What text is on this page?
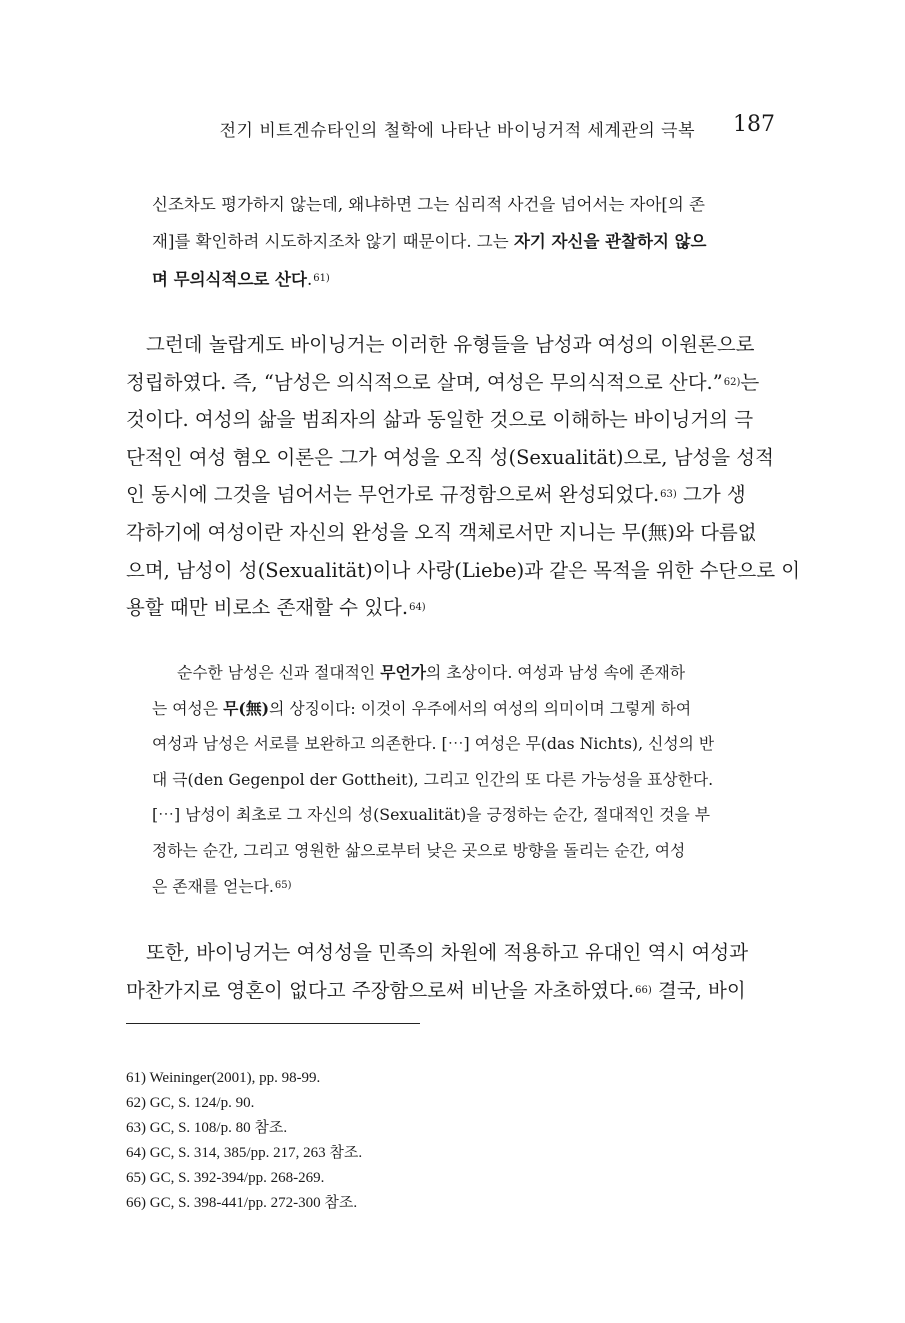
전기 비트겐슈타인의 철학에 나타난 바이닝거적 세계관의 극복 187
신조차도 평가하지 않는데, 왜냐하면 그는 심리적 사건을 넘어서는 자아[의 존
재]를 확인하려 시도하지조차 않기 때문이다. 그는 자기 자신을 관찰하지 않으
며 무의식적으로 산다.$^{61)}$
그런데 놀랍게도 바이닝거는 이러한 유형들을 남성과 여성의 이원론으로
정립하였다. 즉, “남성은 의식적으로 살며, 여성은 무의식적으로 산다.”$^{62)}$는
것이다. 여성의 삶을 범죄자의 삶과 동일한 것으로 이해하는 바이닝거의 극
단적인 여성 혐오 이론은 그가 여성을 오직 성(Sexualität)으로, 남성을 성적
인 동시에 그것을 넘어서는 무언가로 규정함으로써 완성되었다.$^{63)}$ 그가 생
각하기에 여성이란 자신의 완성을 오직 객체로서만 지니는 무(無)와 다름없
으며, 남성이 성(Sexualität)이나 사랑(Liebe)과 같은 목적을 위한 수단으로 이
용할 때만 비로소 존재할 수 있다.$^{64)}$
순수한 남성은 신과 절대적인 무언가의 초상이다. 여성과 남성 속에 존재하
는 여성은 무(無)의 상징이다: 이것이 우주에서의 여성의 의미이며 그렇게 하여
여성과 남성은 서로를 보완하고 의존한다. [⋯] 여성은 무(das Nichts), 신성의 반
대 극(den Gegenpol der Gottheit), 그리고 인간의 또 다른 가능성을 표상한다.
[⋯] 남성이 최초로 그 자신의 성(Sexualität)을 긍정하는 순간, 절대적인 것을 부
정하는 순간, 그리고 영원한 삶으로부터 낮은 곳으로 방향을 돌리는 순간, 여성
은 존재를 얻는다.$^{65)}$
또한, 바이닝거는 여성성을 민족의 차원에 적용하고 유대인 역시 여성과
마찬가지로 영혼이 없다고 주장함으로써 비난을 자초하였다.$^{66)}$ 결국, 바이
61) Weininger(2001), pp. 98-99.
62) GC, S. 124/p. 90.
63) GC, S. 108/p. 80 참조.
64) GC, S. 314, 385/pp. 217, 263 참조.
65) GC, S. 392-394/pp. 268-269.
66) GC, S. 398-441/pp. 272-300 참조.
